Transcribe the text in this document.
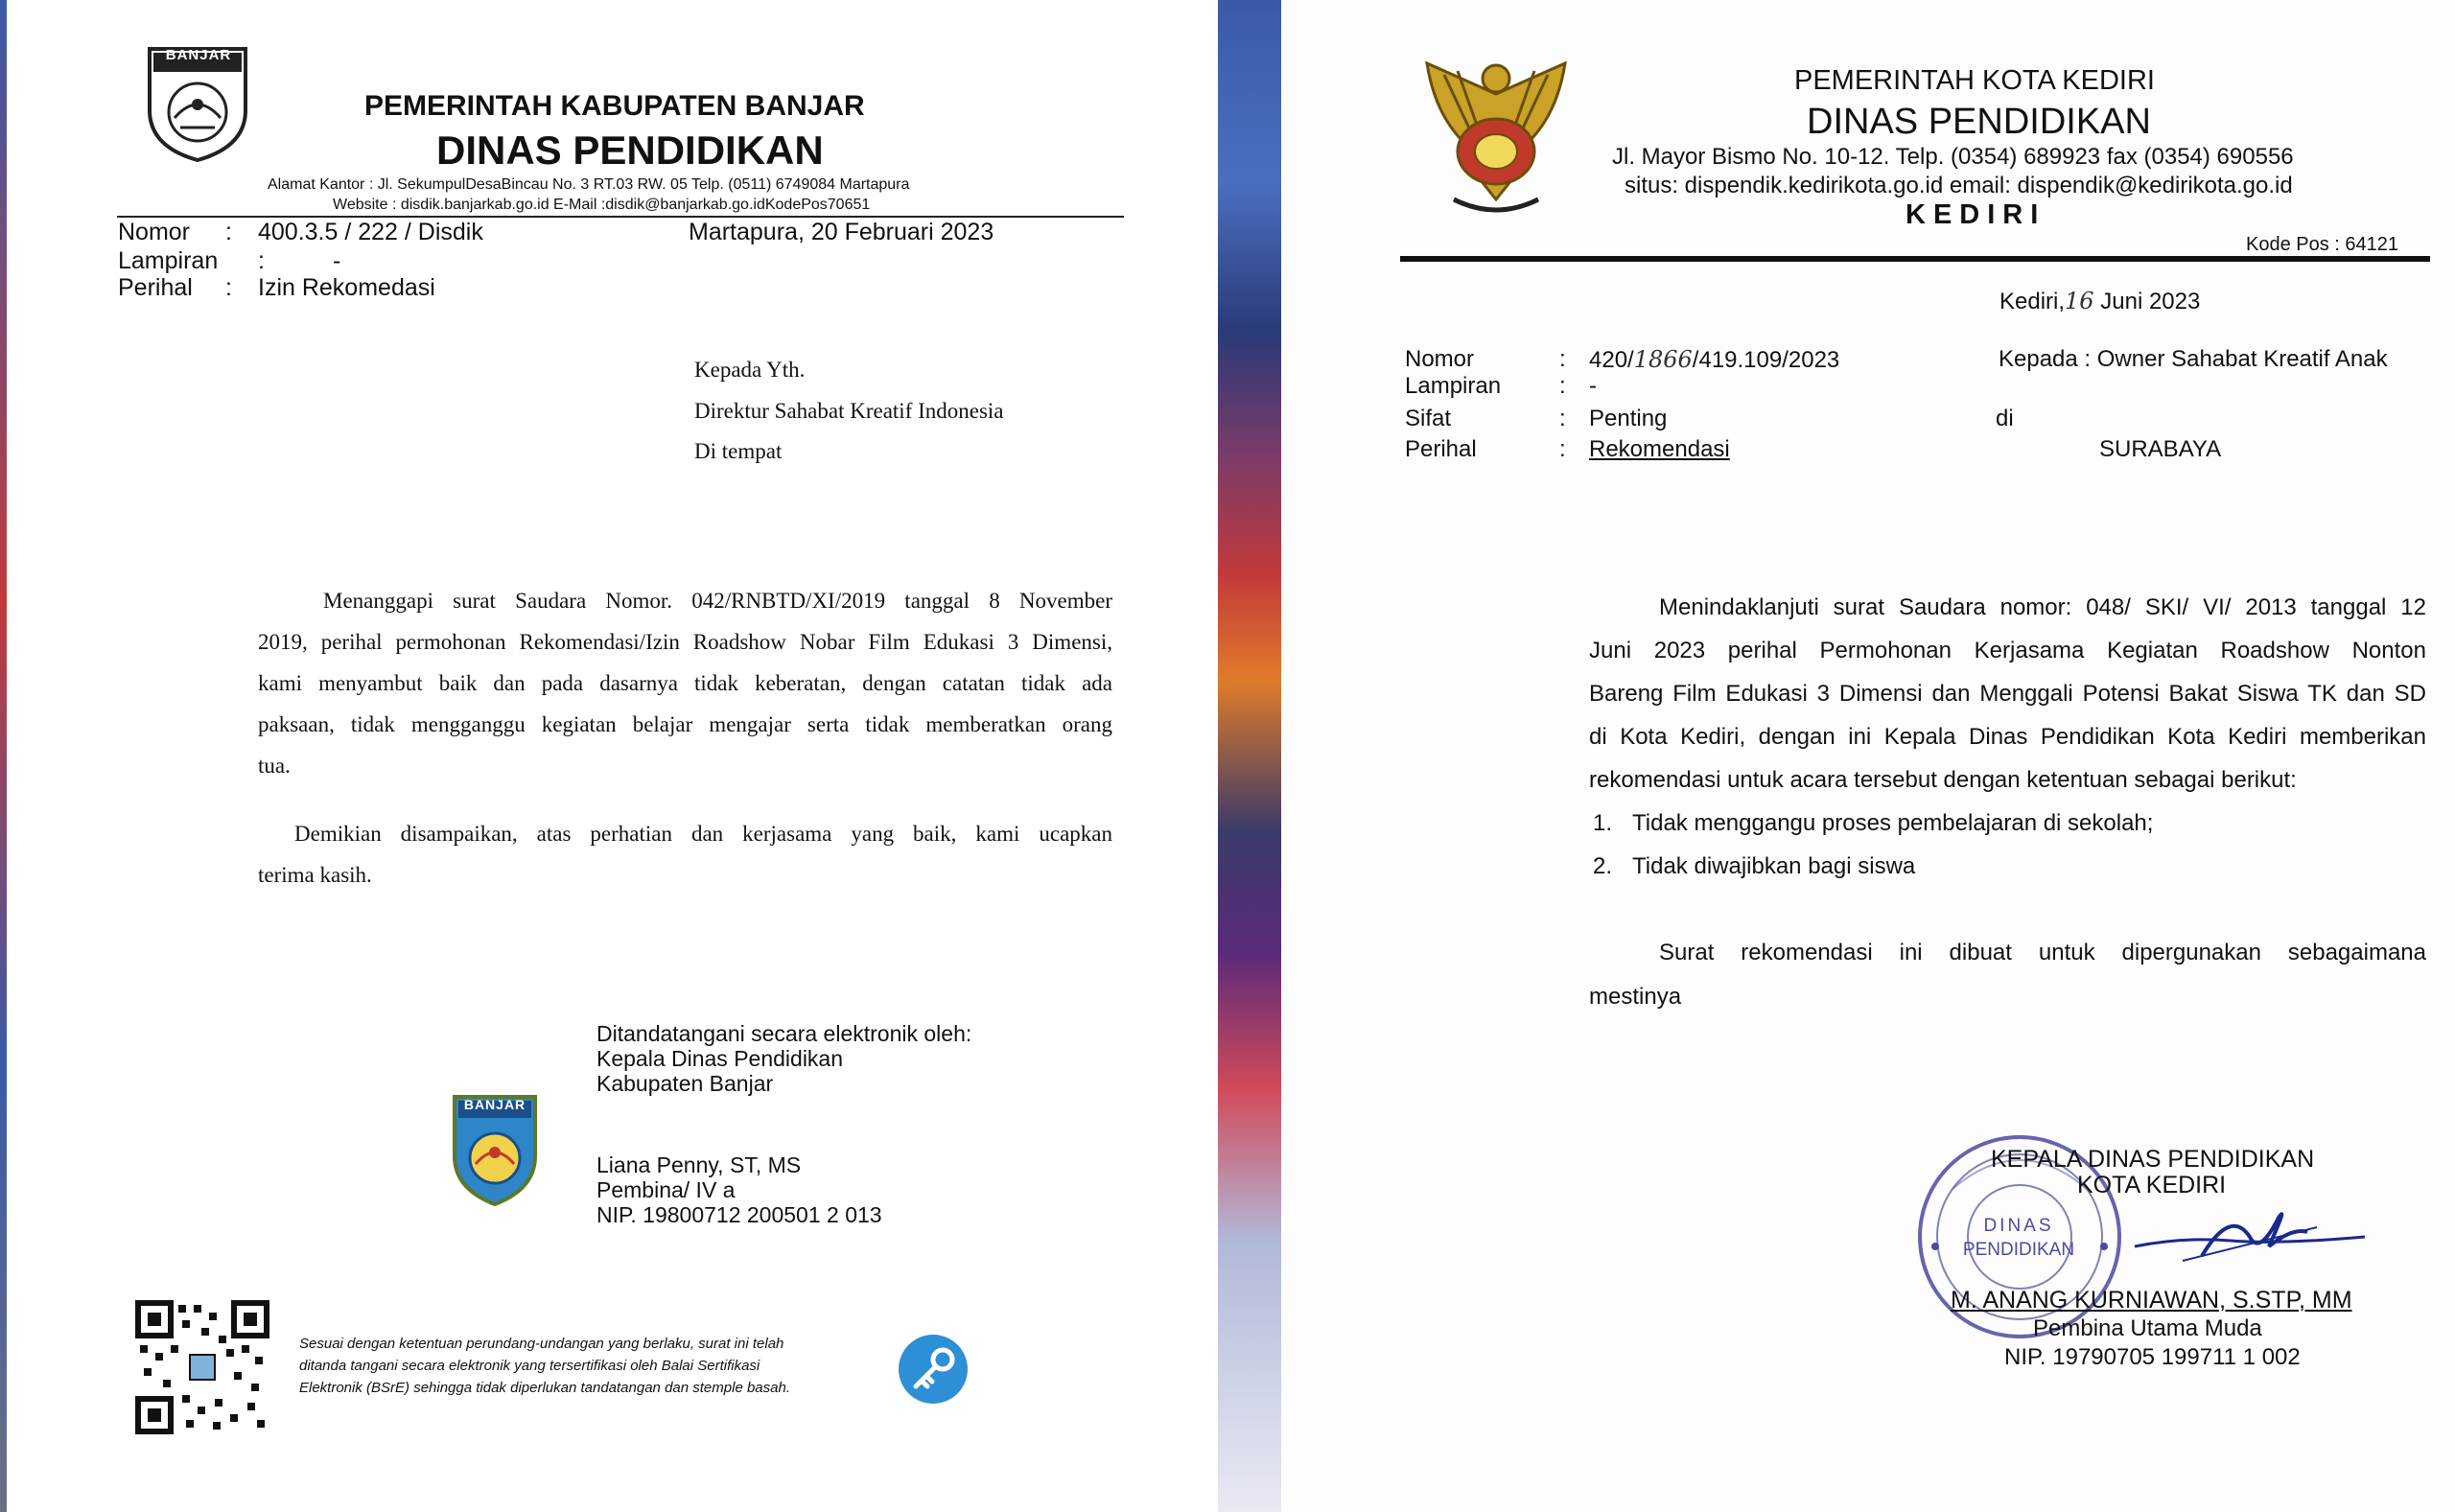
BANJAR
PEMERINTAH KABUPATEN BANJAR
DINAS PENDIDIKAN
Alamat Kantor : Jl. SekumpulDesaBincau No. 3 RT.03 RW. 05 Telp. (0511) 6749084 Martapura
Website : disdik.banjarkab.go.id E-Mail :disdik@banjarkab.go.idKodePos70651
Nomor : 400.3.5 / 222 / Disdik	Martapura, 20 Februari 2023
Lampiran :	-
Perihal : Izin Rekomedasi
Kepada Yth.
Direktur Sahabat Kreatif Indonesia
Di tempat
Menanggapi surat Saudara Nomor. 042/RNBTD/XI/2019 tanggal 8 November
2019, perihal permohonan Rekomendasi/Izin Roadshow Nobar Film Edukasi 3 Dimensi,
kami menyambut baik dan pada dasarnya tidak keberatan, dengan catatan tidak ada
paksaan, tidak mengganggu kegiatan belajar mengajar serta tidak memberatkan orang
tua.
Demikian disampaikan, atas perhatian dan kerjasama yang baik, kami ucapkan
terima kasih.
Ditandatangani secara elektronik oleh:
Kepala Dinas Pendidikan
Kabupaten Banjar
BANJAR
Liana Penny, ST, MS
Pembina/ IV a
NIP. 19800712 200501 2 013
Sesuai dengan ketentuan perundang-undangan yang berlaku, surat ini telah
ditanda tangani secara elektronik yang tersertifikasi oleh Balai Sertifikasi
Elektronik (BSrE) sehingga tidak diperlukan tandatangan dan stemple basah.
PEMERINTAH KOTA KEDIRI
DINAS PENDIDIKAN
Jl. Mayor Bismo No. 10-12. Telp. (0354) 689923 fax (0354) 690556
situs: dispendik.kedirikota.go.id email: dispendik@kedirikota.go.id
KEDIRI
Kode Pos : 64121
Kediri,16 Juni 2023
Nomor	: 420/1866/419.109/2023	Kepada : Owner Sahabat Kreatif Anak
Lampiran	: -
Sifat	: Penting	di
Perihal	: Rekomendasi	SURABAYA
Menindaklanjuti surat Saudara nomor: 048/ SKI/ VI/ 2013 tanggal 12
Juni 2023 perihal Permohonan Kerjasama Kegiatan Roadshow Nonton
Bareng Film Edukasi 3 Dimensi dan Menggali Potensi Bakat Siswa TK dan SD
di Kota Kediri, dengan ini Kepala Dinas Pendidikan Kota Kediri memberikan
rekomendasi untuk acara tersebut dengan ketentuan sebagai berikut:
1. Tidak menggangu proses pembelajaran di sekolah;
2. Tidak diwajibkan bagi siswa
Surat rekomendasi ini dibuat untuk dipergunakan sebagaimana
mestinya
DINAS
PENDIDIKAN
KEPALA DINAS PENDIDIKAN
KOTA KEDIRI
M. ANANG KURNIAWAN, S.STP, MM
Pembina Utama Muda
NIP. 19790705 199711 1 002
